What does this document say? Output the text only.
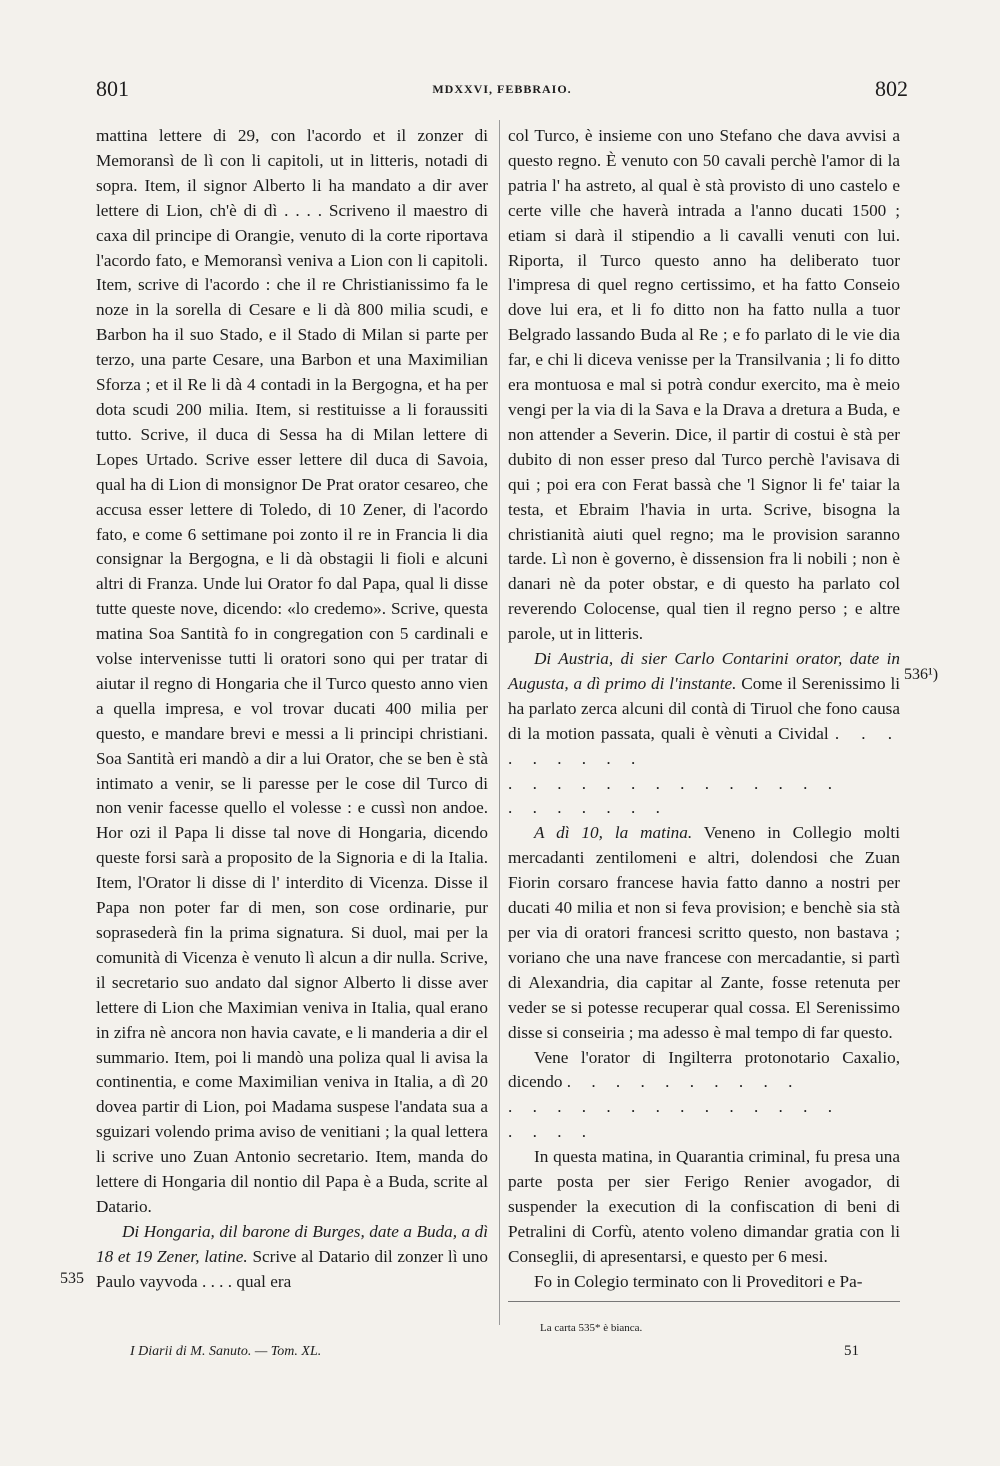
801	MDXXVI, FEBBRAIO.	802

mattina lettere di 29, con l'acordo et il zonzer di Memoransì de lì con li capitoli, ut in litteris, notadi di sopra. Item, il signor Alberto li ha mandato a dir aver lettere di Lion, ch'è di dì . . . . Scriveno il maestro di caxa dil principe di Orangie, venuto di la corte riportava l'acordo fato, e Memoransì veniva a Lion con li capitoli. Item, scrive di l'acordo : che il re Christianissimo fa le noze in la sorella di Cesare e li dà 800 milia scudi, e Barbon ha il suo Stado, e il Stado di Milan si parte per terzo, una parte Cesare, una Barbon et una Maximilian Sforza ; et il Re li dà 4 contadi in la Bergogna, et ha per dota scudi 200 milia. Item, si restituisse a li foraussiti tutto. Scrive, il duca di Sessa ha di Milan lettere di Lopes Urtado. Scrive esser lettere dil duca di Savoia, qual ha di Lion di monsignor De Prat orator cesareo, che accusa esser lettere di Toledo, di 10 Zener, di l'acordo fato, e come 6 settimane poi zonto il re in Francia li dia consignar la Bergogna, e li dà obstagii li fioli e alcuni altri di Franza. Unde lui Orator fo dal Papa, qual li disse tutte queste nove, dicendo: «lo credemo». Scrive, questa matina Soa Santità fo in congregation con 5 cardinali e volse intervenisse tutti li oratori sono qui per tratar di aiutar il regno di Hongaria che il Turco questo anno vien a quella impresa, e vol trovar ducati 400 milia per questo, e mandare brevi e messi a li principi christiani. Soa Santità eri mandò a dir a lui Orator, che se ben è stà intimato a venir, se li paresse per le cose dil Turco di non venir facesse quello el volesse : e cussì non andoe. Hor ozi il Papa li disse tal nove di Hongaria, dicendo queste forsi sarà a proposito de la Signoria e di la Italia. Item, l'Orator li disse di l' interdito di Vicenza. Disse il Papa non poter far di men, son cose ordinarie, pur soprasederà fin la prima signatura. Si duol, mai per la comunità di Vicenza è venuto lì alcun a dir nulla. Scrive, il secretario suo andato dal signor Alberto li disse aver lettere di Lion che Maximian veniva in Italia, qual erano in zifra nè ancora non havia cavate, e li manderia a dir el summario. Item, poi li mandò una poliza qual li avisa la continentia, e come Maximilian veniva in Italia, a dì 20 dovea partir di Lion, poi Madama suspese l'andata sua a sguizari volendo prima aviso de venitiani ; la qual lettera li scrive uno Zuan Antonio secretario. Item, manda do lettere di Hongaria dil nontio dil Papa è a Buda, scrite al Datario.

Di Hongaria, dil barone di Burges, date a Buda, a dì 18 et 19 Zener, latine. Scrive al Datario dil zonzer lì uno Paulo vayvoda . . . . qual era

535

col Turco, è insieme con uno Stefano che dava avvisi a questo regno. È venuto con 50 cavali perchè l'amor di la patria l' ha astreto, al qual è stà provisto di uno castelo e certe ville che haverà intrada a l'anno ducati 1500 ; etiam si darà il stipendio a li cavalli venuti con lui. Riporta, il Turco questo anno ha deliberato tuor l'impresa di quel regno certissimo, et ha fatto Conseio dove lui era, et li fo ditto non ha fatto nulla a tuor Belgrado lassando Buda al Re ; e fo parlato di le vie dia far, e chi li diceva venisse per la Transilvania ; li fo ditto era montuosa e mal si potrà condur exercito, ma è meio vengi per la via di la Sava e la Drava a dretura a Buda, e non attender a Severin. Dice, il partir di costui è stà per dubito di non esser preso dal Turco perchè l'avisava di qui ; poi era con Ferat bassà che 'l Signor li fe' taiar la testa, et Ebraim l'havia in urta. Scrive, bisogna la christianità aiuti quel regno; ma le provision saranno tarde. Lì non è governo, è dissension fra li nobili ; non è danari nè da poter obstar, e di questo ha parlato col reverendo Colocense, qual tien il regno perso ; e altre parole, ut in litteris.

Di Austria, di sier Carlo Contarini orator, date in Augusta, a dì primo di l'instante. Come il Serenissimo li ha parlato zerca alcuni dil contà di Tiruol che fono causa di la motion passata, quali è vènuti a Cividal . . . . . . . . .

. . . . . . . . . . . . . .

. . . . . . .

A dì 10, la matina. Veneno in Collegio molti mercadanti zentilomeni e altri, dolendosi che Zuan Fiorin corsaro francese havia fatto danno a nostri per ducati 40 milia et non si feva provision; e benchè sia stà per via di oratori francesi scritto questo, non bastava ; voriano che una nave francese con mercadantie, si partì di Alexandria, dia capitar al Zante, fosse retenuta per veder se si potesse recuperar qual cossa. El Serenissimo disse si conseiria ; ma adesso è mal tempo di far questo.

Vene l'orator di Ingilterra protonotario Caxalio, dicendo . . . . . . . . . .

. . . . . . . . . . . . . .

. . . .

In questa matina, in Quarantia criminal, fu presa una parte posta per sier Ferigo Renier avogador, di suspender la execution di la confiscation di beni di Petralini di Corfù, atento voleno dimandar gratia con li Conseglii, di apresentarsi, e questo per 6 mesi.

Fo in Colegio terminato con li Proveditori e Pa-

536¹)
La carta 535* è bianca.
I Diarii di M. Sanuto. — Tom. XL.	51
